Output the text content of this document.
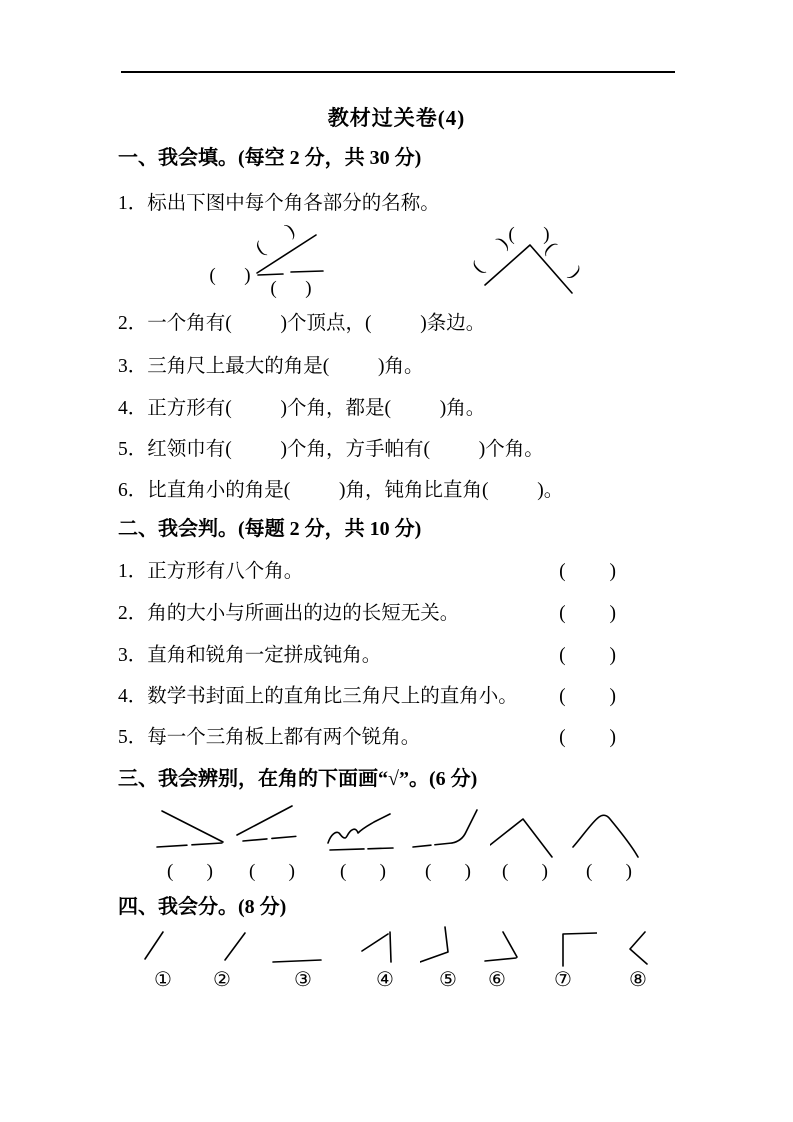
教材过关卷(4)
一、我会填。(每空 2 分，共 30 分)
1．标出下图中每个角各部分的名称。
(      )
(      )
(      )
(      )
(      ) (      )
2．一个角有(          )个顶点，(          )条边。
3．三角尺上最大的角是(          )角。
4．正方形有(          )个角，都是(          )角。
5．红领巾有(          )个角，方手帕有(          )个角。
6．比直角小的角是(          )角，钝角比直角(          )。
二、我会判。(每题 2 分，共 10 分)
1．正方形有八个角。	(         )
2．角的大小与所画出的边的长短无关。	(         )
3．直角和锐角一定拼成钝角。	(         )
4．数学书封面上的直角比三角尺上的直角小。 (         )
5．每一个三角板上都有两个锐角。	(         )
三、我会辨别，在角的下面画“√”。(6 分)
(       ) (       ) (       ) (       ) (       ) (       )
四、我会分。(8 分)
① ②	③	④ ⑤ ⑥ ⑦	⑧
